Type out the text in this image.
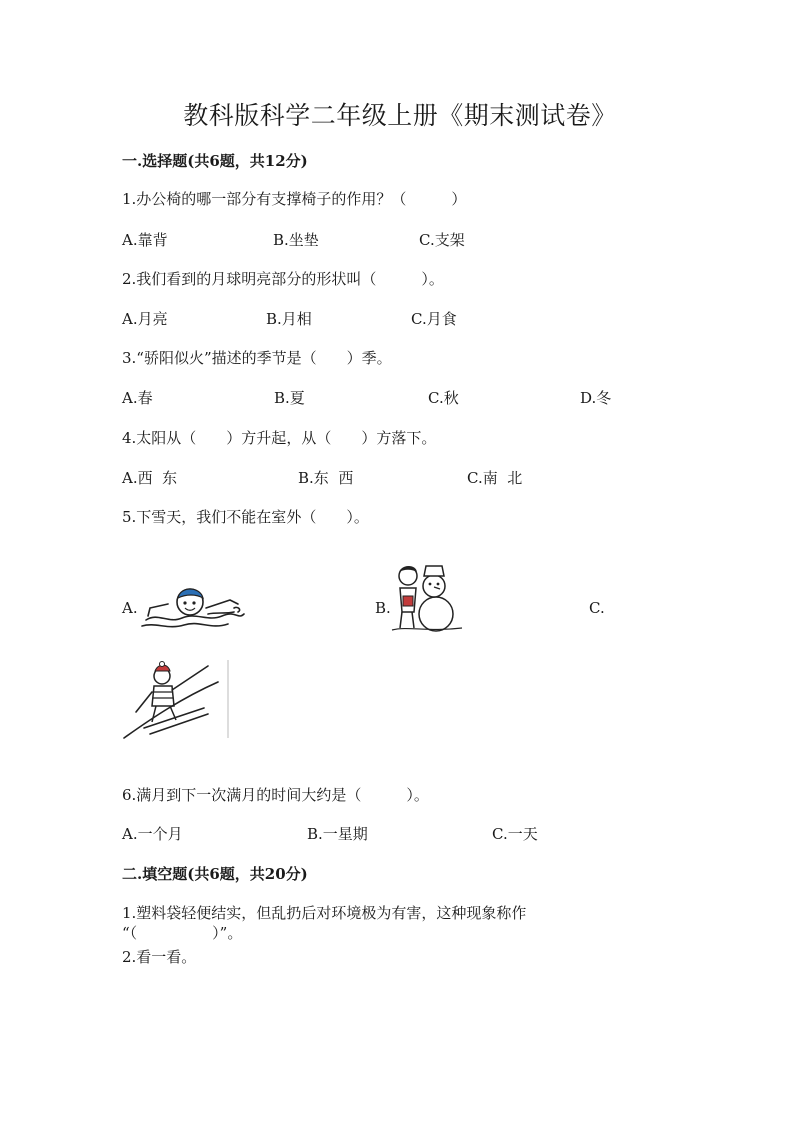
教科版科学二年级上册《期末测试卷》
一.选择题(共6题，共12分)
1.办公椅的哪一部分有支撑椅子的作用？（　　　）
A.靠背	B.坐垫	C.支架
2.我们看到的月球明亮部分的形状叫（　　　）。
A.月亮	B.月相	C.月食
3.“骄阳似火”描述的季节是（　　）季。
A.春	B.夏	C.秋	D.冬
4.太阳从（　　）方升起，从（　　）方落下。
A.西  东	B.东  西	C.南  北
5.下雪天，我们不能在室外（　　）。
A.	B.	C.
6.满月到下一次满月的时间大约是（　　　）。
A.一个月	B.一星期	C.一天
二.填空题(共6题，共20分)
1.塑料袋轻便结实，但乱扔后对环境极为有害，这种现象称作
“（　　　　　）”。
2.看一看。
